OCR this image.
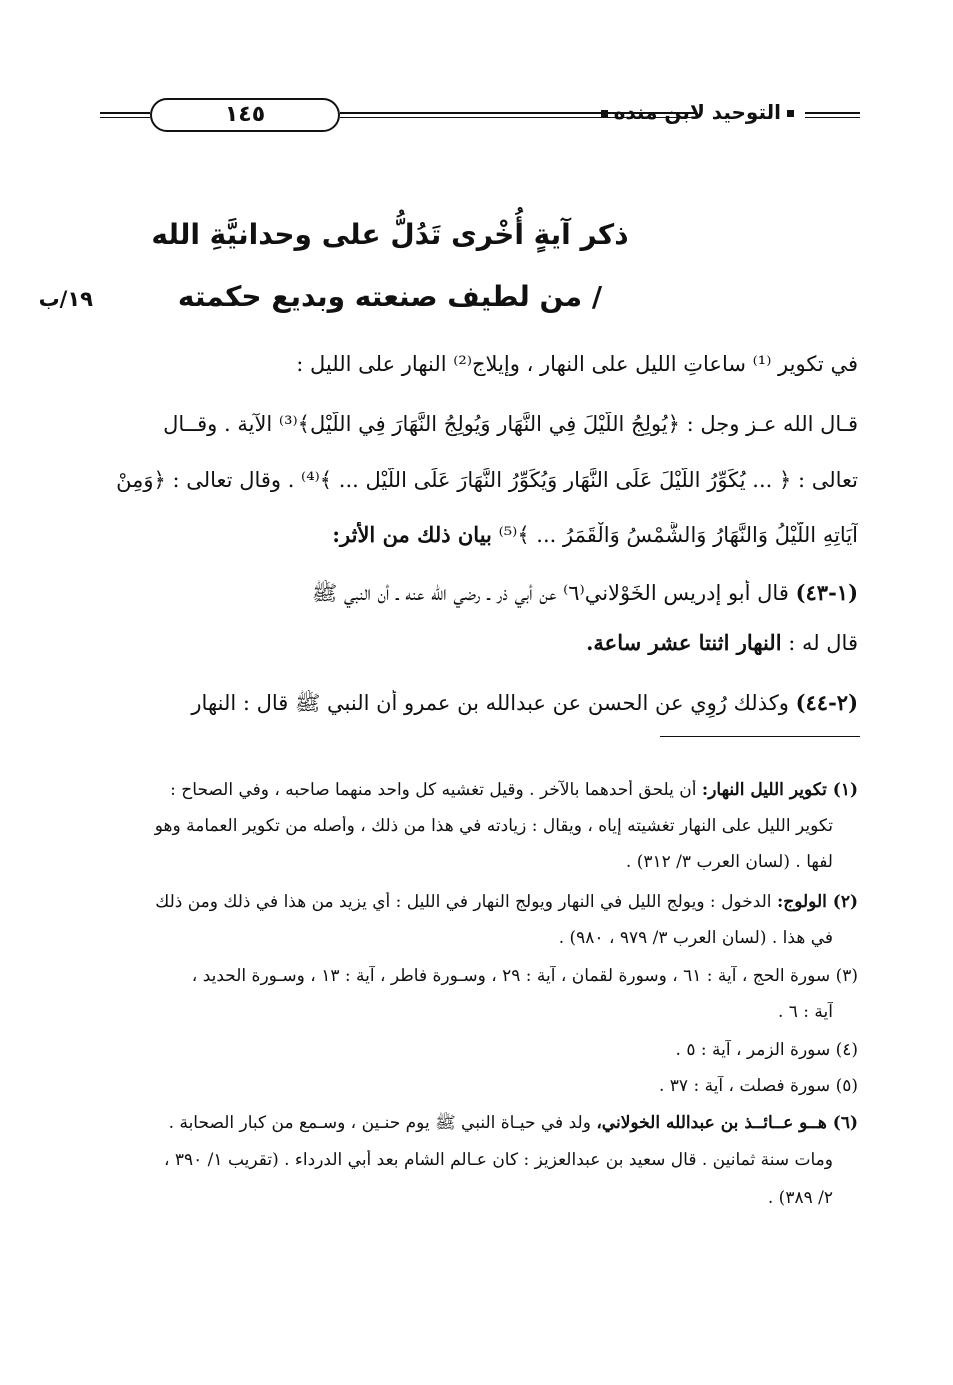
التوحيد لابن منده
١٤٥
ذكر آيةٍ أُخْرى تَدُلُّ على وحدانيَّةِ الله
/ من لطيف صنعته وبديع حكمته
١٩/ب
في تكوير ⁽¹⁾ ساعاتِ الليل على النهارِ ، وإيلاج⁽²⁾ النهار على الليل :
قـال الله عـز وجل : ﴿يُولِجُ اللَّيْلَ فِي النَّهَارِ وَيُولِجُ النَّهَارَ فِي اللَّيْلِ﴾⁽³⁾ الآية . وقــال
تعالى : ﴿ ... يُكَوِّرُ اللَّيْلَ عَلَى النَّهَارِ وَيُكَوِّرُ النَّهَارَ عَلَى اللَّيْلِ ... ﴾⁽⁴⁾ . وقال تعالى : ﴿وَمِنْ
آيَاتِهِ اللَّيْلُ وَالنَّهَارُ وَالشَّمْسُ وَالْقَمَرُ ... ﴾⁽⁵⁾ بيان ذلك من الأثر:
(١-٤٣) قال أبو إدريس الخَوْلاني⁽٦⁾ عن أبي ذر ـ رضي الله عنه ـ أن النبي ﷺ
قال له : النهار اثنتا عشر ساعة.
(٢-٤٤) وكذلك رُوِي عن الحسن عن عبدالله بن عمرو أن النبي ﷺ قال : النهار
(١) تكوير الليل النهار: أن يلحق أحدهما بالآخر . وقيل تغشيه كل واحد منهما صاحبه ، وفي الصحاح :
تكوير الليل على النهار تغشيته إياه ، ويقال : زيادته في هذا من ذلك ، وأصله من تكوير العمامة وهو
لفها . (لسان العرب ٣/ ٣١٢) .
(٢) الولوج: الدخول : ويولج الليل في النهار ويولج النهار في الليل : أي يزيد من هذا في ذلك ومن ذلك
في هذا . (لسان العرب ٣/ ٩٧٩ ، ٩٨٠) .
(٣) سورة الحج ، آية : ٦١ ، وسورة لقمان ، آية : ٢٩ ، وسـورة فاطر ، آية : ١٣ ، وسـورة الحديد ،
آية : ٦ .
(٤) سورة الزمر ، آية : ٥ .
(٥) سورة فصلت ، آية : ٣٧ .
(٦) هــو عــائــذ بن عبدالله الخولاني، ولد في حيـاة النبي ﷺ يوم حنـين ، وسـمع من كبار الصحابة .
ومات سنة ثمانين . قال سعيد بن عبدالعزيز : كان عـالم الشام بعد أبي الدرداء . (تقريب ١/ ٣٩٠ ،
٢/ ٣٨٩) .
